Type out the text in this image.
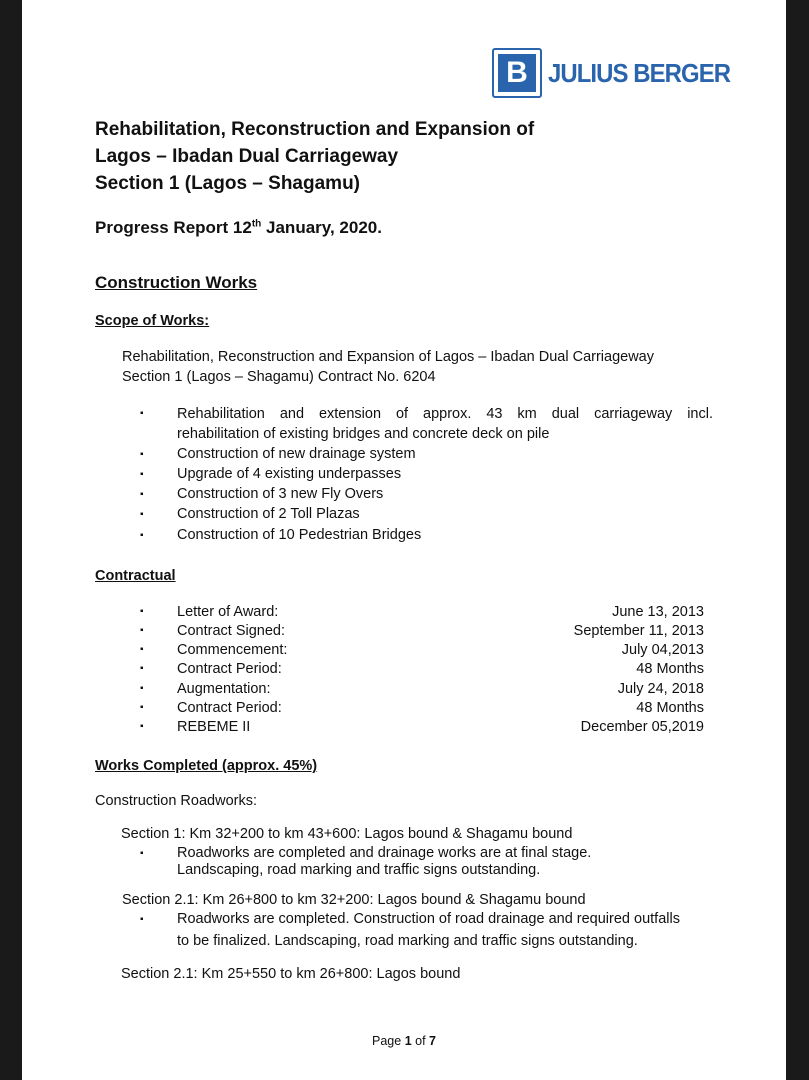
B JULIUS BERGER
Rehabilitation, Reconstruction and Expansion of
Lagos – Ibadan Dual Carriageway
Section 1 (Lagos – Shagamu)
Progress Report 12th January, 2020.
Construction Works
Scope of Works:
Rehabilitation, Reconstruction and Expansion of Lagos – Ibadan Dual Carriageway
Section 1 (Lagos – Shagamu) Contract No. 6204
▪ Rehabilitation and extension of approx. 43 km dual carriageway incl.
rehabilitation of existing bridges and concrete deck on pile
▪ Construction of new drainage system
▪ Upgrade of 4 existing underpasses
▪ Construction of 3 new Fly Overs
▪ Construction of 2 Toll Plazas
▪ Construction of 10 Pedestrian Bridges
Contractual
▪ Letter of Award:	June 13, 2013
▪ Contract Signed:	September 11, 2013
▪ Commencement:	July 04,2013
▪ Contract Period:	48 Months
▪ Augmentation:	July 24, 2018
▪ Contract Period:	48 Months
▪ REBEME II	December 05,2019
Works Completed (approx. 45%)
Construction Roadworks:
Section 1: Km 32+200 to km 43+600: Lagos bound & Shagamu bound
▪ Roadworks are completed and drainage works are at final stage.
Landscaping, road marking and traffic signs outstanding.
Section 2.1: Km 26+800 to km 32+200: Lagos bound & Shagamu bound
▪ Roadworks are completed. Construction of road drainage and required outfalls
to be finalized. Landscaping, road marking and traffic signs outstanding.
Section 2.1: Km 25+550 to km 26+800: Lagos bound
Page 1 of 7
